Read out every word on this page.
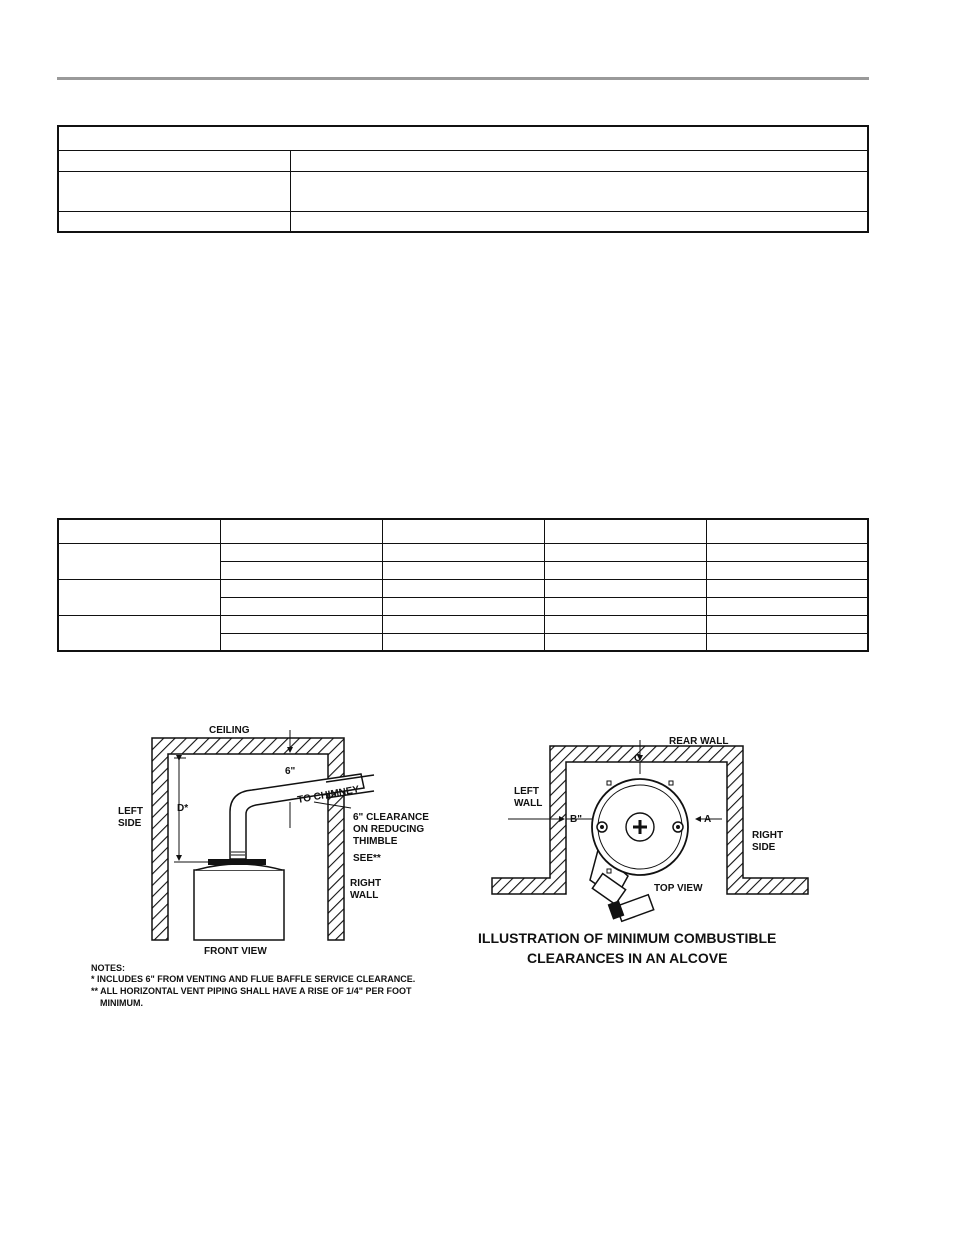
CEILING
6"
LEFT
SIDE
D*
TO CHIMNEY
6" CLEARANCE
ON REDUCING
THIMBLE
SEE**
RIGHT
WALL
FRONT VIEW
NOTES:
* INCLUDES 6" FROM VENTING AND FLUE BAFFLE SERVICE CLEARANCE.
** ALL HORIZONTAL VENT PIPING SHALL HAVE A RISE OF 1/4" PER FOOT
MINIMUM.
REAR WALL
C
LEFT
WALL
B"	A
RIGHT
SIDE
TOP VIEW
ILLUSTRATION OF MINIMUM COMBUSTIBLE
CLEARANCES IN AN ALCOVE
